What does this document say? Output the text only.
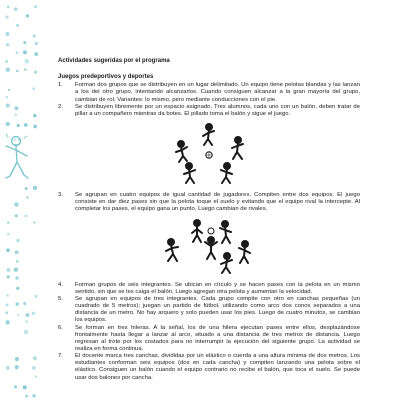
Actividades sugeridas por el programa
Juegos predeportivos y deportes
1. Forman dos grupos que se distribuyen en un lugar delimitado. Un equipo tiene pelotas blandas y las lanzan a los del otro grupo, intentando alcanzarlos. Cuando consiguen alcanzar a la gran mayoría del grupo, cambian de rol. Variantes: lo mismo, pero mediante conducciones con el pie.
2. Se distribuyen libremente por un espacio asignado. Tres alumnos, cada uno con un balón, deben tratar de pillar a un compañero mientras da botes. El pillado toma el balón y sigue el juego.
3. Se agrupan en cuatro equipos de igual cantidad de jugadores. Compiten entre dos equipos. El juego consiste en dar diez pases sin que la pelota toque el suelo y evitando que el equipo rival la intercepte. Al completar los pases, el equipo gana un punto. Luego cambian de rivales.
4. Forman grupos de seis integrantes. Se ubican en círculo y se hacen pases con la pelota en un mismo sentido, sin que se les caiga el balón. Luego agregan otra pelota y aumentan la velocidad.
5. Se agrupan en equipos de tres integrantes. Cada grupo compite con otro en canchas pequeñas (un cuadrado de 5 metros); juegan un partido de fútbol, utilizando como arco dos conos separados a una distancia de un metro. No hay arquero y solo pueden usar los pies. Luego de cuatro minutos, se cambian los equipos.
6. Se forman en tres hileras. A la señal, los de una hilera ejecutan pases entre ellos, desplazándose frontalmente hasta llegar a lanzar al arco, situado a una distancia de tres metros de distancia. Luego regresan al trote por los costados para no interrumpir la ejecución del siguiente grupo. La actividad se realiza en forma continua.
7. El docente marca tres canchas, divididas por un elástico o cuerda a una altura mínima de dos metros. Los estudiantes conforman seis equipos (dos en cada cancha) y compiten lanzando una pelota sobre el elástico. Consiguen un balón cuando el equipo contrario no recibe el balón, que toca el suelo. Se puede usar dos balones por cancha.
